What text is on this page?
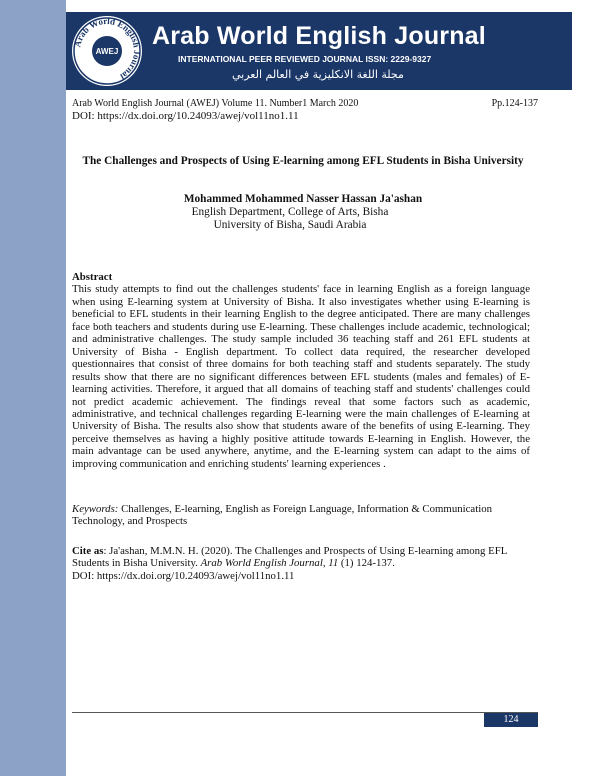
Arab World English Journal
AWEJ
Arab World English Journal
INTERNATIONAL PEER REVIEWED JOURNAL ISSN: 2229-9327
مجلة اللغة الانكليزية في العالم العربي
Arab World English Journal (AWEJ) Volume 11. Number1 March 2020	Pp.124-137
DOI: https://dx.doi.org/10.24093/awej/vol11no1.11
The Challenges and Prospects of Using E-learning among EFL Students in Bisha University
Mohammed Mohammed Nasser Hassan Ja'ashan
English Department, College of Arts, Bisha
University of Bisha, Saudi Arabia
Abstract
This study attempts to find out the challenges students' face in learning English as a foreign language when using E-learning system at University of Bisha. It also investigates whether using E-learning is beneficial to EFL students in their learning English to the degree anticipated. There are many challenges face both teachers and students during use E-learning. These challenges include academic, technological; and administrative challenges. The study sample included 36 teaching staff and 261 EFL students at University of Bisha - English department. To collect data required, the researcher developed questionnaires that consist of three domains for both teaching staff and students separately. The study results show that there are no significant differences between EFL students (males and females) of E-learning activities. Therefore, it argued that all domains of teaching staff and students' challenges could not predict academic achievement. The findings reveal that some factors such as academic, administrative, and technical challenges regarding E-learning were the main challenges of E-learning at University of Bisha. The results also show that students aware of the benefits of using E-learning. They perceive themselves as having a highly positive attitude towards E-learning in English. However, the main advantage can be used anywhere, anytime, and the E-learning system can adapt to the aims of improving communication and enriching students' learning experiences .
Keywords: Challenges, E-learning, English as Foreign Language, Information & Communication Technology, and Prospects
Cite as: Ja'ashan, M.M.N. H. (2020). The Challenges and Prospects of Using E-learning among EFL Students in Bisha University. Arab World English Journal, 11 (1) 124-137.
DOI: https://dx.doi.org/10.24093/awej/vol11no1.11
124
